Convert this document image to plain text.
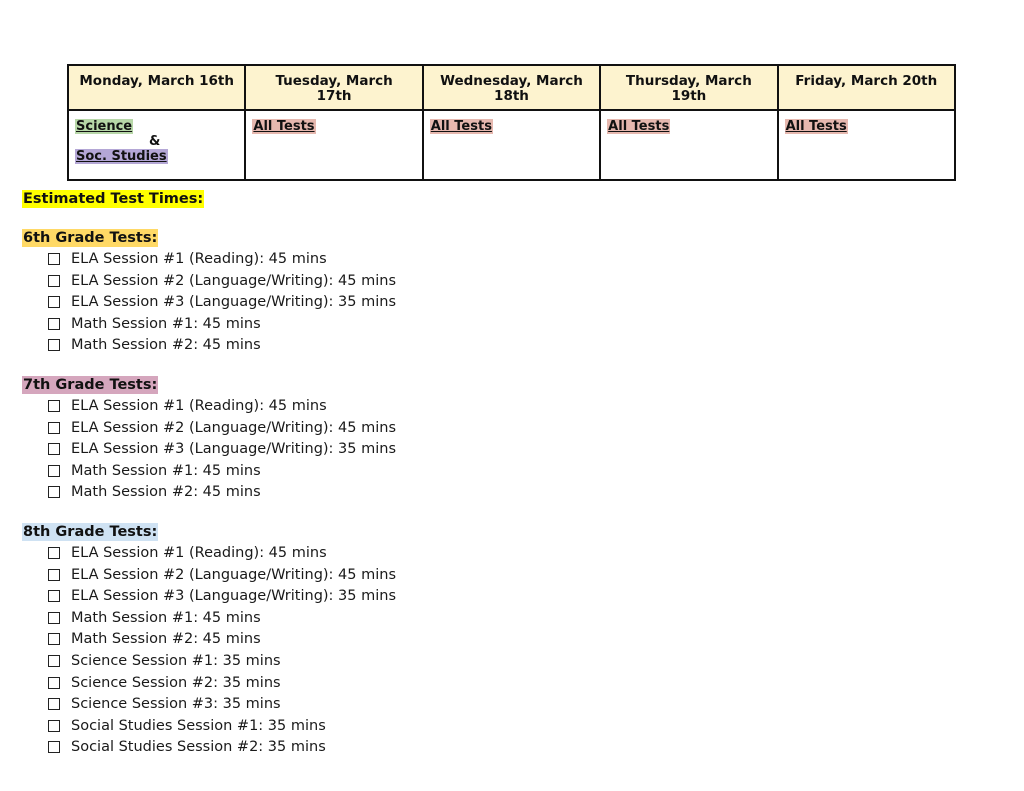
Monday, March 16th	Tuesday, March 17th	Wednesday, March 18th	Thursday, March 19th	Friday, March 20th
Science
&
Soc. Studies	All Tests	All Tests	All Tests	All Tests
Estimated Test Times:
6th Grade Tests:
ELA Session #1 (Reading): 45 mins
ELA Session #2 (Language/Writing): 45 mins
ELA Session #3 (Language/Writing): 35 mins
Math Session #1: 45 mins
Math Session #2: 45 mins
7th Grade Tests:
ELA Session #1 (Reading): 45 mins
ELA Session #2 (Language/Writing): 45 mins
ELA Session #3 (Language/Writing): 35 mins
Math Session #1: 45 mins
Math Session #2: 45 mins
8th Grade Tests:
ELA Session #1 (Reading): 45 mins
ELA Session #2 (Language/Writing): 45 mins
ELA Session #3 (Language/Writing): 35 mins
Math Session #1: 45 mins
Math Session #2: 45 mins
Science Session #1: 35 mins
Science Session #2: 35 mins
Science Session #3: 35 mins
Social Studies Session #1: 35 mins
Social Studies Session #2: 35 mins
